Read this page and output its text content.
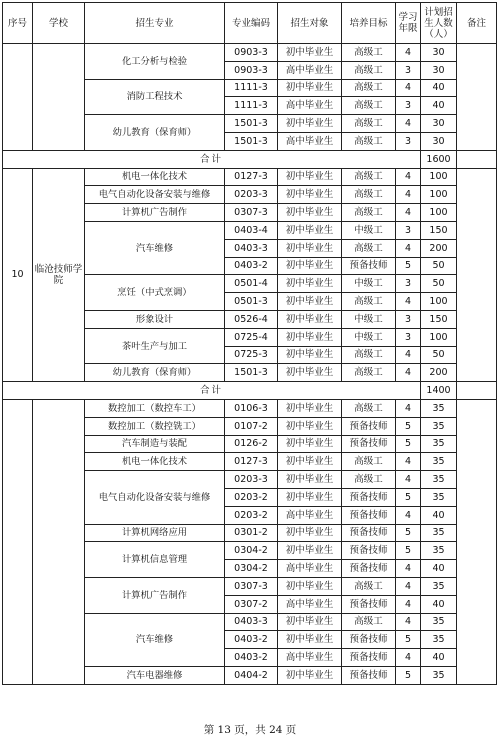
序号	学校	招生专业	专业编码	招生对象	培养目标	学习年限	计划招生人数（人）	备注
		化工分析与检验	0903-3	初中毕业生	高级工	4	30	
			0903-3	高中毕业生	高级工	3	30	
		消防工程技术	1111-3	初中毕业生	高级工	4	40	
			1111-3	高中毕业生	高级工	3	40	
		幼儿教育（保育师）	1501-3	初中毕业生	高级工	4	30	
			1501-3	高中毕业生	高级工	3	30	
合计							1600	
10	临沧技师学院	机电一体化技术	0127-3	初中毕业生	高级工	4	100	
		电气自动化设备安装与维修	0203-3	初中毕业生	高级工	4	100	
		计算机广告制作	0307-3	初中毕业生	高级工	4	100	
		汽车维修	0403-4	初中毕业生	中级工	3	150	
			0403-3	初中毕业生	高级工	4	200	
			0403-2	初中毕业生	预备技师	5	50	
		烹饪（中式烹调）	0501-4	初中毕业生	中级工	3	50	
			0501-3	初中毕业生	高级工	4	100	
		形象设计	0526-4	初中毕业生	中级工	3	150	
		茶叶生产与加工	0725-4	初中毕业生	中级工	3	100	
			0725-3	初中毕业生	高级工	4	50	
		幼儿教育（保育师）	1501-3	初中毕业生	高级工	4	200	
合计							1400	
		数控加工（数控车工）	0106-3	初中毕业生	高级工	4	35	
		数控加工（数控铣工）	0107-2	初中毕业生	预备技师	5	35	
		汽车制造与装配	0126-2	初中毕业生	预备技师	5	35	
		机电一体化技术	0127-3	初中毕业生	高级工	4	35	
		电气自动化设备安装与维修	0203-3	初中毕业生	高级工	4	35	
			0203-2	初中毕业生	预备技师	5	35	
			0203-2	高中毕业生	预备技师	4	40	
		计算机网络应用	0301-2	初中毕业生	预备技师	5	35	
		计算机信息管理	0304-2	初中毕业生	预备技师	5	35	
			0304-2	高中毕业生	预备技师	4	40	
		计算机广告制作	0307-3	初中毕业生	高级工	4	35	
			0307-2	高中毕业生	预备技师	4	40	
		汽车维修	0403-3	初中毕业生	高级工	4	35	
			0403-2	初中毕业生	预备技师	5	35	
			0403-2	高中毕业生	预备技师	4	40	
		汽车电器维修	0404-2	初中毕业生	预备技师	5	35	
第 13 页，共 24 页
